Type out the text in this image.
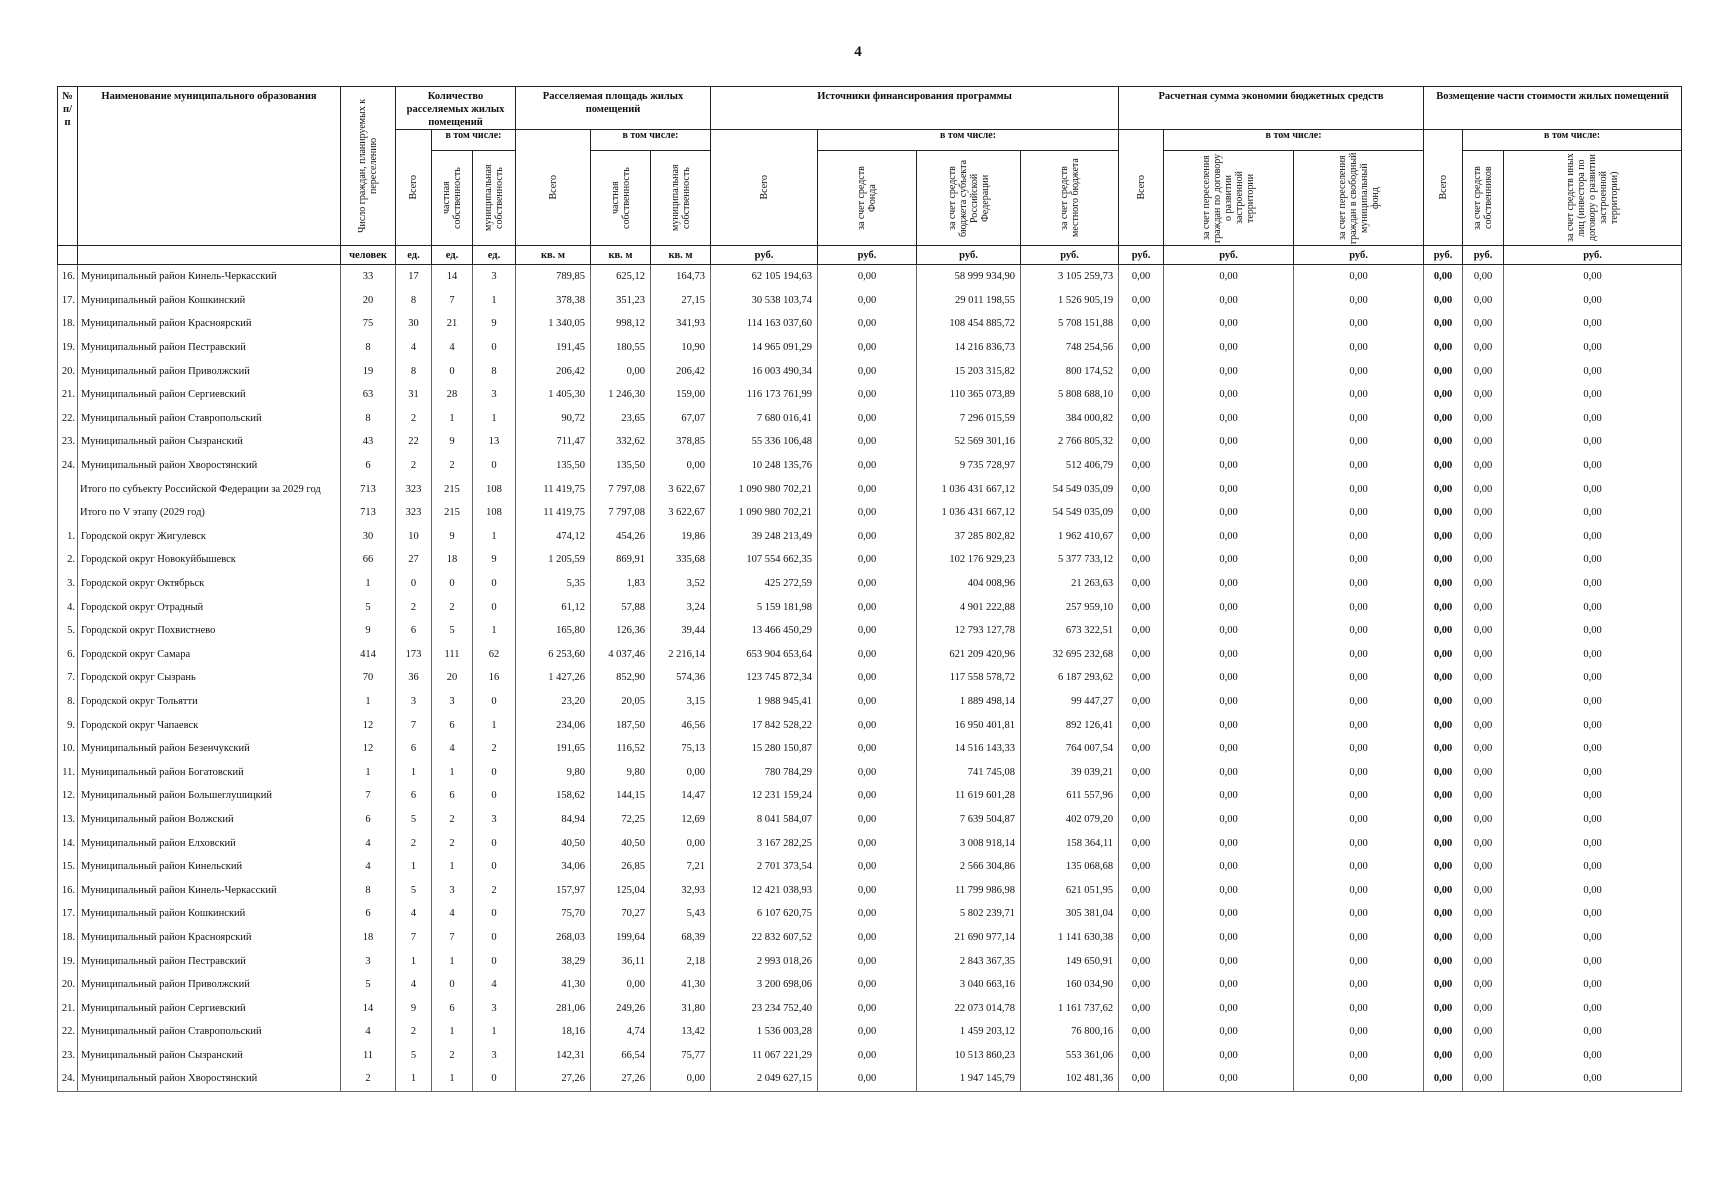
4
№ п/п	Наименование муниципального образования	Число граждан, планируемых к переселению	Количество расселяемых жилых помещений			Расселяемая площадь жилых помещений			Источники финансирования программы				Расчетная сумма экономии бюджетных средств			Возмещение части стоимости жилых помещений		

			Всего	в том числе:		Всего	в том числе:		Всего	в том числе:			Всего	в том числе:		Всего	в том числе:	

				частная собственность	муниципальная собственность		частная собственность	муниципальная собственность		за счет средств Фонда	за счет средств бюджета субъекта Российской Федерации	за счет средств местного бюджета		за счет переселения граждан по договору о развитии застроенной территории	за счет переселения граждан в свободный муниципальный фонд		за счет средств собственников	за счет средств иных лиц (инвестора по договору о развитии застроенной территории)

		человек	ед.	ед.	ед.	кв. м	кв. м	кв. м	руб.	руб.	руб.	руб.	руб.	руб.	руб.	руб.	руб.	руб.
16.	Муниципальный район Кинель-Черкасский	33	17	14	3	789,85	625,12	164,73	62 105 194,63	0,00	58 999 934,90	3 105 259,73	0,00	0,00	0,00	0,00	0,00	0,00
17.	Муниципальный район Кошкинский	20	8	7	1	378,38	351,23	27,15	30 538 103,74	0,00	29 011 198,55	1 526 905,19	0,00	0,00	0,00	0,00	0,00	0,00
18.	Муниципальный район Красноярский	75	30	21	9	1 340,05	998,12	341,93	114 163 037,60	0,00	108 454 885,72	5 708 151,88	0,00	0,00	0,00	0,00	0,00	0,00
19.	Муниципальный район Пестравский	8	4	4	0	191,45	180,55	10,90	14 965 091,29	0,00	14 216 836,73	748 254,56	0,00	0,00	0,00	0,00	0,00	0,00
20.	Муниципальный район Приволжский	19	8	0	8	206,42	0,00	206,42	16 003 490,34	0,00	15 203 315,82	800 174,52	0,00	0,00	0,00	0,00	0,00	0,00
21.	Муниципальный район Сергиевский	63	31	28	3	1 405,30	1 246,30	159,00	116 173 761,99	0,00	110 365 073,89	5 808 688,10	0,00	0,00	0,00	0,00	0,00	0,00
22.	Муниципальный район Ставропольский	8	2	1	1	90,72	23,65	67,07	7 680 016,41	0,00	7 296 015,59	384 000,82	0,00	0,00	0,00	0,00	0,00	0,00
23.	Муниципальный район Сызранский	43	22	9	13	711,47	332,62	378,85	55 336 106,48	0,00	52 569 301,16	2 766 805,32	0,00	0,00	0,00	0,00	0,00	0,00
24.	Муниципальный район Хворостянский	6	2	2	0	135,50	135,50	0,00	10 248 135,76	0,00	9 735 728,97	512 406,79	0,00	0,00	0,00	0,00	0,00	0,00
	Итого по субъекту Российской Федерации за 2029 год	713	323	215	108	11 419,75	7 797,08	3 622,67	1 090 980 702,21	0,00	1 036 431 667,12	54 549 035,09	0,00	0,00	0,00	0,00	0,00	0,00
	Итого по V этапу (2029 год)	713	323	215	108	11 419,75	7 797,08	3 622,67	1 090 980 702,21	0,00	1 036 431 667,12	54 549 035,09	0,00	0,00	0,00	0,00	0,00	0,00
1.	Городской округ Жигулевск	30	10	9	1	474,12	454,26	19,86	39 248 213,49	0,00	37 285 802,82	1 962 410,67	0,00	0,00	0,00	0,00	0,00	0,00
2.	Городской округ Новокуйбышевск	66	27	18	9	1 205,59	869,91	335,68	107 554 662,35	0,00	102 176 929,23	5 377 733,12	0,00	0,00	0,00	0,00	0,00	0,00
3.	Городской округ Октябрьск	1	0	0	0	5,35	1,83	3,52	425 272,59	0,00	404 008,96	21 263,63	0,00	0,00	0,00	0,00	0,00	0,00
4.	Городской округ Отрадный	5	2	2	0	61,12	57,88	3,24	5 159 181,98	0,00	4 901 222,88	257 959,10	0,00	0,00	0,00	0,00	0,00	0,00
5.	Городской округ Похвистнево	9	6	5	1	165,80	126,36	39,44	13 466 450,29	0,00	12 793 127,78	673 322,51	0,00	0,00	0,00	0,00	0,00	0,00
6.	Городской округ Самара	414	173	111	62	6 253,60	4 037,46	2 216,14	653 904 653,64	0,00	621 209 420,96	32 695 232,68	0,00	0,00	0,00	0,00	0,00	0,00
7.	Городской округ Сызрань	70	36	20	16	1 427,26	852,90	574,36	123 745 872,34	0,00	117 558 578,72	6 187 293,62	0,00	0,00	0,00	0,00	0,00	0,00
8.	Городской округ Тольятти	1	3	3	0	23,20	20,05	3,15	1 988 945,41	0,00	1 889 498,14	99 447,27	0,00	0,00	0,00	0,00	0,00	0,00
9.	Городской округ Чапаевск	12	7	6	1	234,06	187,50	46,56	17 842 528,22	0,00	16 950 401,81	892 126,41	0,00	0,00	0,00	0,00	0,00	0,00
10.	Муниципальный район Безенчукский	12	6	4	2	191,65	116,52	75,13	15 280 150,87	0,00	14 516 143,33	764 007,54	0,00	0,00	0,00	0,00	0,00	0,00
11.	Муниципальный район Богатовский	1	1	1	0	9,80	9,80	0,00	780 784,29	0,00	741 745,08	39 039,21	0,00	0,00	0,00	0,00	0,00	0,00
12.	Муниципальный район Большеглушицкий	7	6	6	0	158,62	144,15	14,47	12 231 159,24	0,00	11 619 601,28	611 557,96	0,00	0,00	0,00	0,00	0,00	0,00
13.	Муниципальный район Волжский	6	5	2	3	84,94	72,25	12,69	8 041 584,07	0,00	7 639 504,87	402 079,20	0,00	0,00	0,00	0,00	0,00	0,00
14.	Муниципальный район Елховский	4	2	2	0	40,50	40,50	0,00	3 167 282,25	0,00	3 008 918,14	158 364,11	0,00	0,00	0,00	0,00	0,00	0,00
15.	Муниципальный район Кинельский	4	1	1	0	34,06	26,85	7,21	2 701 373,54	0,00	2 566 304,86	135 068,68	0,00	0,00	0,00	0,00	0,00	0,00
16.	Муниципальный район Кинель-Черкасский	8	5	3	2	157,97	125,04	32,93	12 421 038,93	0,00	11 799 986,98	621 051,95	0,00	0,00	0,00	0,00	0,00	0,00
17.	Муниципальный район Кошкинский	6	4	4	0	75,70	70,27	5,43	6 107 620,75	0,00	5 802 239,71	305 381,04	0,00	0,00	0,00	0,00	0,00	0,00
18.	Муниципальный район Красноярский	18	7	7	0	268,03	199,64	68,39	22 832 607,52	0,00	21 690 977,14	1 141 630,38	0,00	0,00	0,00	0,00	0,00	0,00
19.	Муниципальный район Пестравский	3	1	1	0	38,29	36,11	2,18	2 993 018,26	0,00	2 843 367,35	149 650,91	0,00	0,00	0,00	0,00	0,00	0,00
20.	Муниципальный район Приволжский	5	4	0	4	41,30	0,00	41,30	3 200 698,06	0,00	3 040 663,16	160 034,90	0,00	0,00	0,00	0,00	0,00	0,00
21.	Муниципальный район Сергиевский	14	9	6	3	281,06	249,26	31,80	23 234 752,40	0,00	22 073 014,78	1 161 737,62	0,00	0,00	0,00	0,00	0,00	0,00
22.	Муниципальный район Ставропольский	4	2	1	1	18,16	4,74	13,42	1 536 003,28	0,00	1 459 203,12	76 800,16	0,00	0,00	0,00	0,00	0,00	0,00
23.	Муниципальный район Сызранский	11	5	2	3	142,31	66,54	75,77	11 067 221,29	0,00	10 513 860,23	553 361,06	0,00	0,00	0,00	0,00	0,00	0,00
24.	Муниципальный район Хворостянский	2	1	1	0	27,26	27,26	0,00	2 049 627,15	0,00	1 947 145,79	102 481,36	0,00	0,00	0,00	0,00	0,00	0,00
